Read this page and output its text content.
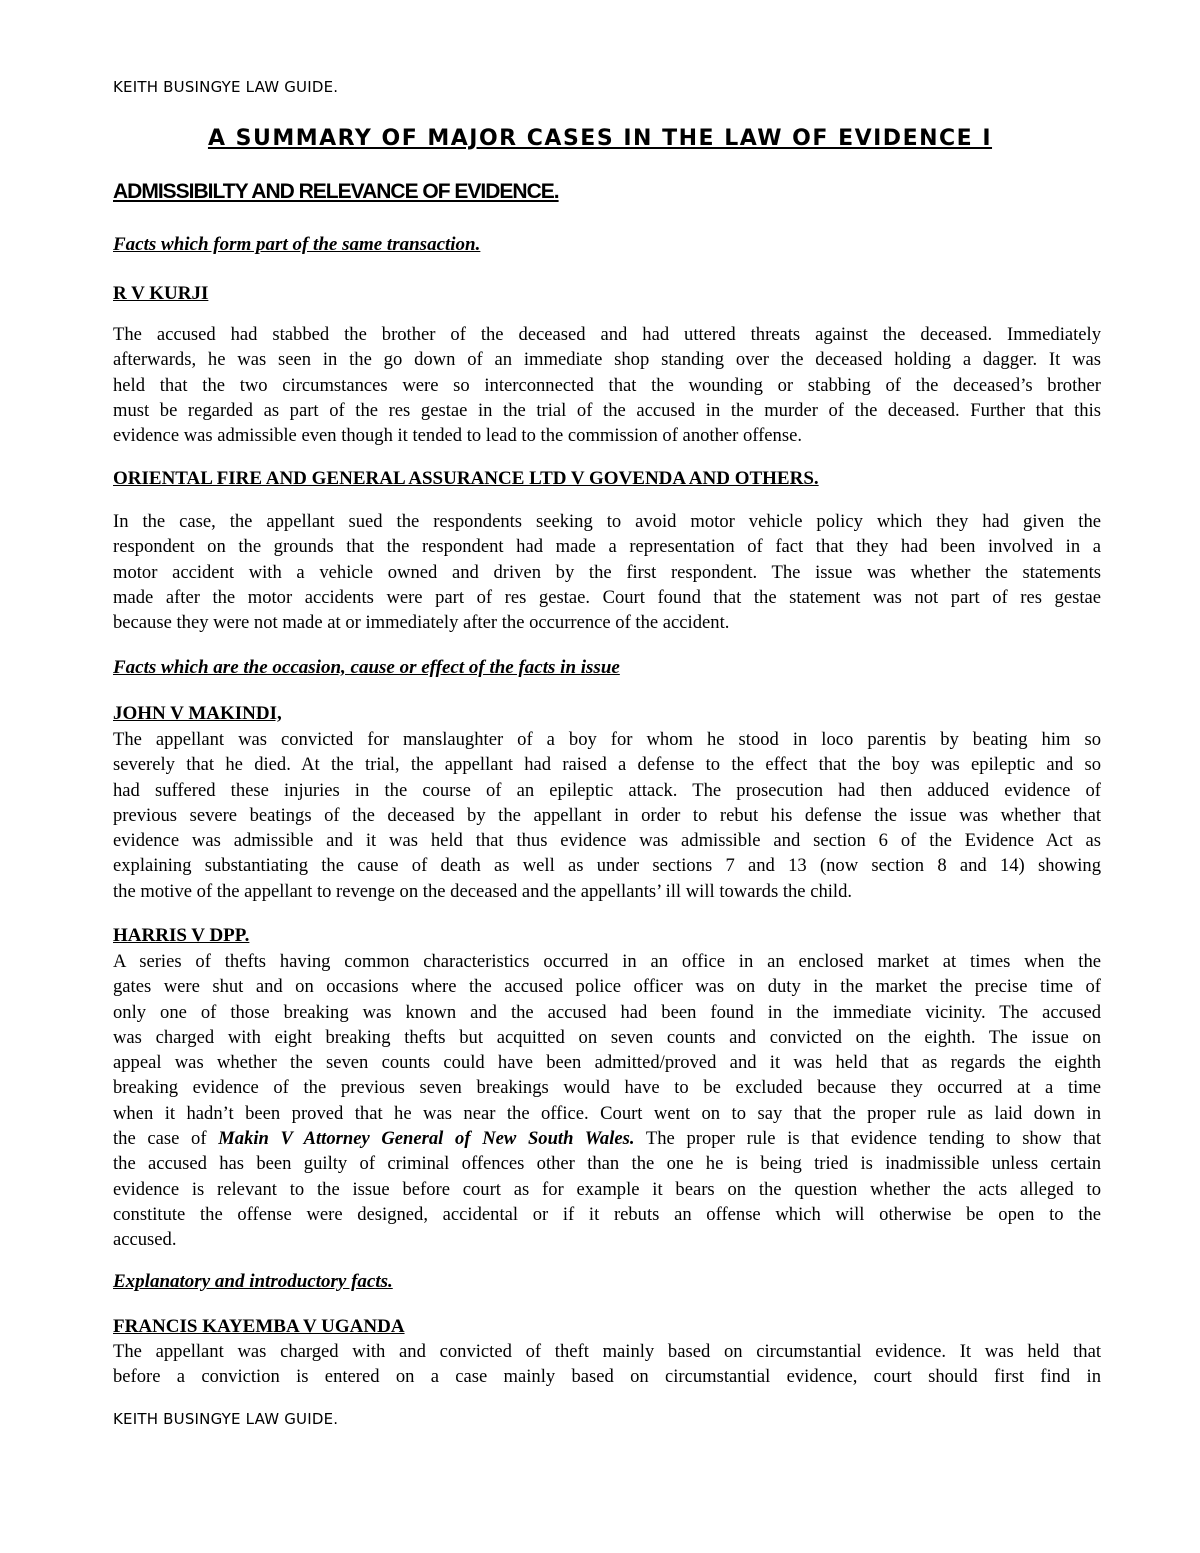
KEITH BUSINGYE LAW GUIDE.
A SUMMARY OF MAJOR CASES IN THE LAW OF EVIDENCE I
ADMISSIBILTY AND RELEVANCE OF EVIDENCE.
Facts which form part of the same transaction.
R V KURJI
The accused had stabbed the brother of the deceased and had uttered threats against the deceased. Immediately
afterwards, he was seen in the go down of an immediate shop standing over the deceased holding a dagger. It was
held that the two circumstances were so interconnected that the wounding or stabbing of the deceased’s brother
must be regarded as part of the res gestae in the trial of the accused in the murder of the deceased. Further that this
evidence was admissible even though it tended to lead to the commission of another offense.
ORIENTAL FIRE AND GENERAL ASSURANCE LTD V GOVENDA AND OTHERS.
In the case, the appellant sued the respondents seeking to avoid motor vehicle policy which they had given the
respondent on the grounds that the respondent had made a representation of fact that they had been involved in a
motor accident with a vehicle owned and driven by the first respondent. The issue was whether the statements
made after the motor accidents were part of res gestae. Court found that the statement was not part of res gestae
because they were not made at or immediately after the occurrence of the accident.
Facts which are the occasion, cause or effect of the facts in issue
JOHN V MAKINDI,
The appellant was convicted for manslaughter of a boy for whom he stood in loco parentis by beating him so
severely that he died. At the trial, the appellant had raised a defense to the effect that the boy was epileptic and so
had suffered these injuries in the course of an epileptic attack. The prosecution had then adduced evidence of
previous severe beatings of the deceased by the appellant in order to rebut his defense the issue was whether that
evidence was admissible and it was held that thus evidence was admissible and section 6 of the Evidence Act as
explaining substantiating the cause of death as well as under sections 7 and 13 (now section 8 and 14) showing
the motive of the appellant to revenge on the deceased and the appellants’ ill will towards the child.
HARRIS V DPP.
A series of thefts having common characteristics occurred in an office in an enclosed market at times when the
gates were shut and on occasions where the accused police officer was on duty in the market the precise time of
only one of those breaking was known and the accused had been found in the immediate vicinity. The accused
was charged with eight breaking thefts but acquitted on seven counts and convicted on the eighth. The issue on
appeal was whether the seven counts could have been admitted/proved and it was held that as regards the eighth
breaking evidence of the previous seven breakings would have to be excluded because they occurred at a time
when it hadn’t been proved that he was near the office. Court went on to say that the proper rule as laid down in
the case of Makin V Attorney General of New South Wales. The proper rule is that evidence tending to show that
the accused has been guilty of criminal offences other than the one he is being tried is inadmissible unless certain
evidence is relevant to the issue before court as for example it bears on the question whether the acts alleged to
constitute the offense were designed, accidental or if it rebuts an offense which will otherwise be open to the
accused.
Explanatory and introductory facts.
FRANCIS KAYEMBA V UGANDA
The appellant was charged with and convicted of theft mainly based on circumstantial evidence. It was held that
before a conviction is entered on a case mainly based on circumstantial evidence, court should first find in
KEITH BUSINGYE LAW GUIDE.
